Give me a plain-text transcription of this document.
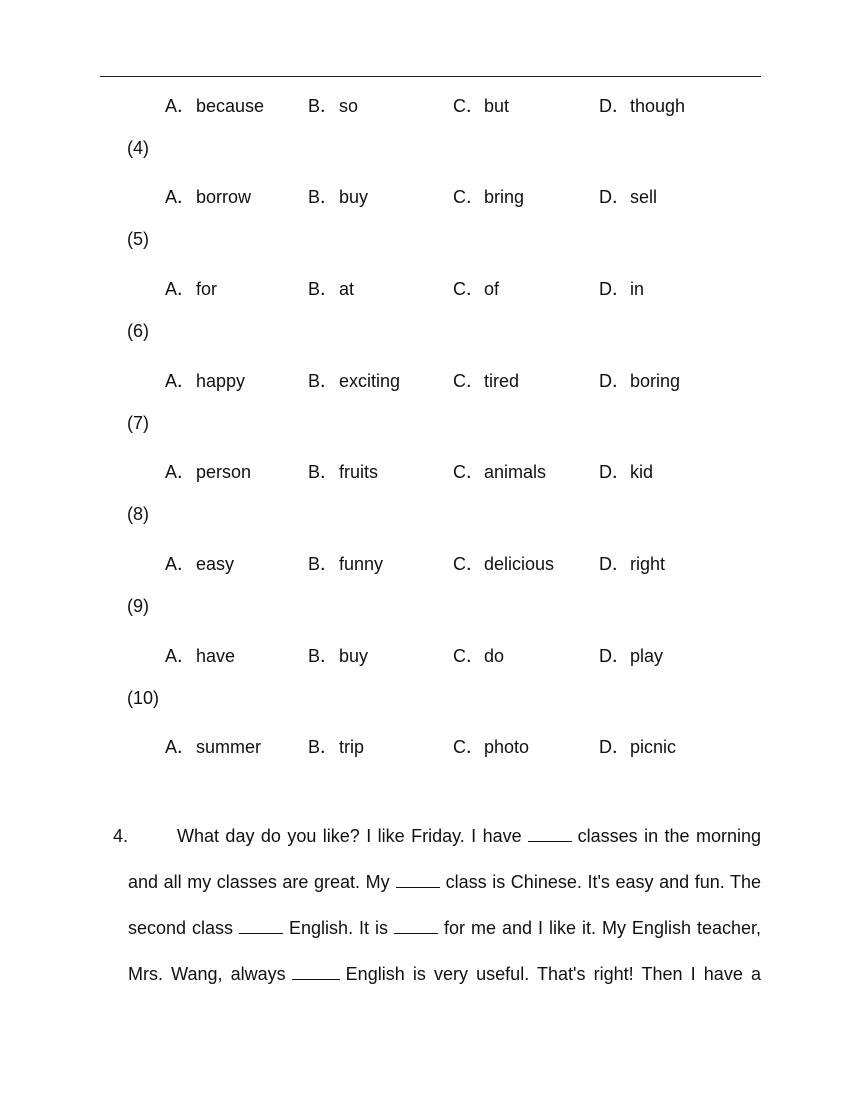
A．because B．so	C．but	D．though
(4)
A．borrow	B．buy	C．bring	D．sell
(5)
A．for	B．at	C．of	D．in
(6)
A．happy	B．exciting	C．tired	D．boring
(7)
A．person	B．fruits	C．animals	D．kid
(8)
A．easy	B．funny	C．delicious D．right
(9)
A．have	B．buy	C．do	D．play
(10)
A．summer	B．trip	C．photo	D．picnic
4.	What day do you like? I like Friday. I have	classes in the morning
and all my classes are great. My	class is Chinese. It's easy and fun. The
second class	English. It is	for me and I like it. My English teacher,
Mrs. Wang, always	English is very useful. That's right! Then I have a
